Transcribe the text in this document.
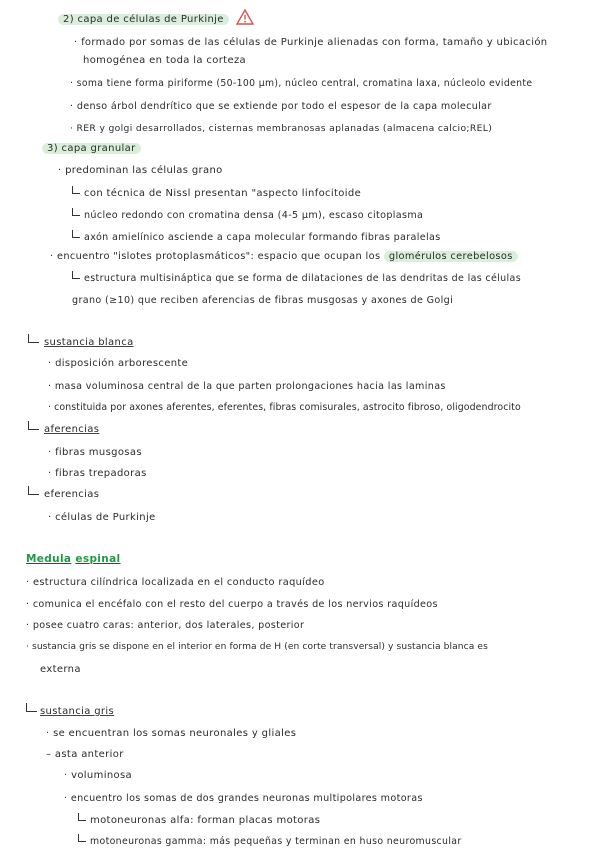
2) capa de células de Purkinje
· formado por somas de las células de Purkinje alienadas con forma, tamaño y ubicación
homogénea en toda la corteza
· soma tiene forma piriforme (50-100 µm), núcleo central, cromatina laxa, núcleolo evidente
· denso árbol dendrítico que se extiende por todo el espesor de la capa molecular
· RER y golgi desarrollados, cisternas membranosas aplanadas (almacena calcio;REL)
3) capa granular
· predominan las células grano
con técnica de Nissl presentan "aspecto linfocitoide
núcleo redondo con cromatina densa (4-5 µm), escaso citoplasma
axón amielínico asciende a capa molecular formando fibras paralelas
· encuentro "islotes protoplasmáticos": espacio que ocupan los glomérulos cerebelosos
estructura multisináptica que se forma de dilataciones de las dendritas de las células
grano (≥10) que reciben aferencias de fibras musgosas y axones de Golgi
sustancia blanca
· disposición arborescente
· masa voluminosa central de la que parten prolongaciones hacia las laminas
· constituida por axones aferentes, eferentes, fibras comisurales, astrocito fibroso, oligodendrocito
aferencias
· fibras musgosas
· fibras trepadoras
eferencias
· células de Purkinje
Medula espinal
· estructura cilíndrica localizada en el conducto raquídeo
· comunica el encéfalo con el resto del cuerpo a través de los nervios raquídeos
· posee cuatro caras: anterior, dos laterales, posterior
· sustancia gris se dispone en el interior en forma de H (en corte transversal) y sustancia blanca es
externa
sustancia gris
· se encuentran los somas neuronales y gliales
– asta anterior
· voluminosa
· encuentro los somas de dos grandes neuronas multipolares motoras
motoneuronas alfa: forman placas motoras
motoneuronas gamma: más pequeñas y terminan en huso neuromuscular
